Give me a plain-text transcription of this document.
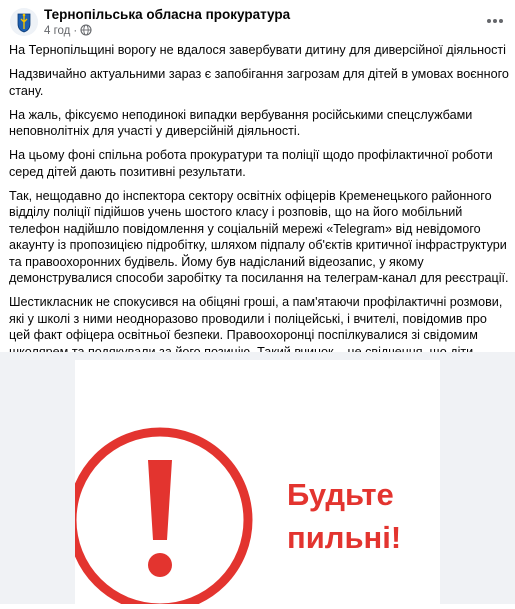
Тернопільська обласна прокуратура
4 год ·

На Тернопільщині ворогу не вдалося завербувати дитину для диверсійної діяльності

Надзвичайно актуальними зараз є запобігання загрозам для дітей в умовах воєнного стану.

На жаль, фіксуємо неподинокі випадки вербування російськими спецслужбами неповнолітніх для участі у диверсійній діяльності.

На цьому фоні спільна робота прокуратури та поліції щодо профілактичної роботи серед дітей дають позитивні результати.

Так, нещодавно до інспектора сектору освітніх офіцерів Кременецького районного відділу поліції підійшов учень шостого класу і розповів, що на його мобільний телефон надійшло повідомлення у соціальній мережі «Telegram» від невідомого акаунту із пропозицією підробітку, шляхом підпалу об'єктів критичної інфраструктури та правоохоронних будівель. Йому був надісланий відеозапис, у якому демонструвалися способи заробітку та посилання на телеграм-канал для реєстрації.

Шестикласник не спокусився на обіцяні гроші, а пам'ятаючи профілактичні розмови, які у школі з ними неодноразово проводили і поліцейські, і вчителі, повідомив про цей факт офіцера освітньої безпеки. Правоохоронці поспілкувалися зі свідомим

Будьте
пильні!
